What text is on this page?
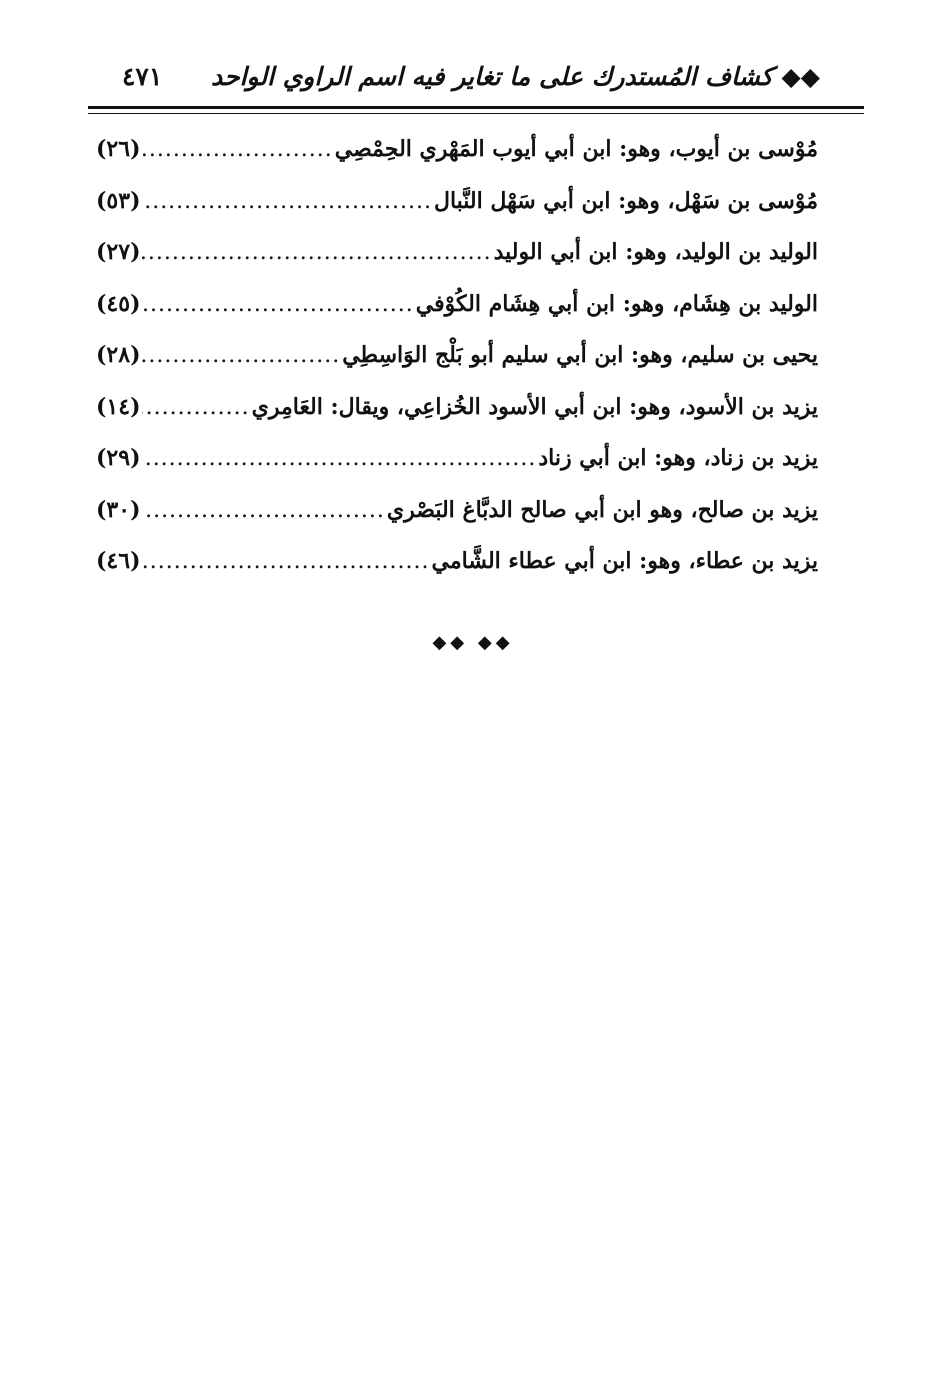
◆◆ كشاف المُستدرك على ما تغاير فيه اسم الراوي الواحد
٤٧١
مُوْسى بن أيوب، وهو: ابن أبي أيوب المَهْري الحِمْصِي
.....
(٢٦)
مُوْسى بن سَهْل، وهو: ابن أبي سَهْل النَّبال
.....
(٥٣)
الوليد بن الوليد، وهو: ابن أبي الوليد
.....
(٢٧)
الوليد بن هِشَام، وهو: ابن أبي هِشَام الكُوْفي
.....
(٤٥)
يحيى بن سليم، وهو: ابن أبي سليم أبو بَلْج الوَاسِطِي
.....
(٢٨)
يزيد بن الأسود، وهو: ابن أبي الأسود الخُزاعِي، ويقال: العَامِري
.....
(١٤)
يزيد بن زناد، وهو: ابن أبي زناد
.....
(٢٩)
يزيد بن صالح، وهو ابن أبي صالح الدبَّاغ البَصْري
.....
(٣٠)
يزيد بن عطاء، وهو: ابن أبي عطاء الشَّامي
.....
(٤٦)
◆◆ ◆◆
